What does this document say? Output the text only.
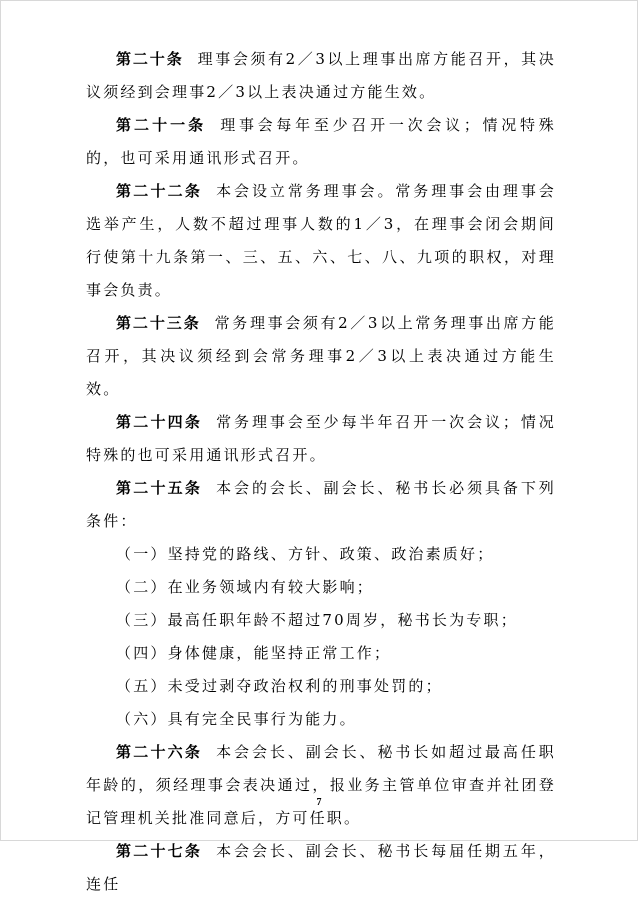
第二十条 理事会须有2／3以上理事出席方能召开，其决议须经到会理事2／3以上表决通过方能生效。

第二十一条 理事会每年至少召开一次会议；情况特殊的，也可采用通讯形式召开。

第二十二条 本会设立常务理事会。常务理事会由理事会选举产生，人数不超过理事人数的1／3，在理事会闭会期间行使第十九条第一、三、五、六、七、八、九项的职权，对理事会负责。

第二十三条 常务理事会须有2／3以上常务理事出席方能召开，其决议须经到会常务理事2／3以上表决通过方能生效。

第二十四条 常务理事会至少每半年召开一次会议；情况特殊的也可采用通讯形式召开。

第二十五条 本会的会长、副会长、秘书长必须具备下列条件：

（一）坚持党的路线、方针、政策、政治素质好；

（二）在业务领域内有较大影响；

（三）最高任职年龄不超过70周岁，秘书长为专职；

（四）身体健康，能坚持正常工作；

（五）未受过剥夺政治权利的刑事处罚的；

（六）具有完全民事行为能力。

第二十六条 本会会长、副会长、秘书长如超过最高任职年龄的，须经理事会表决通过，报业务主管单位审查并社团登记管理机关批准同意后，方可任职。

第二十七条 本会会长、副会长、秘书长每届任期五年，连任

7
